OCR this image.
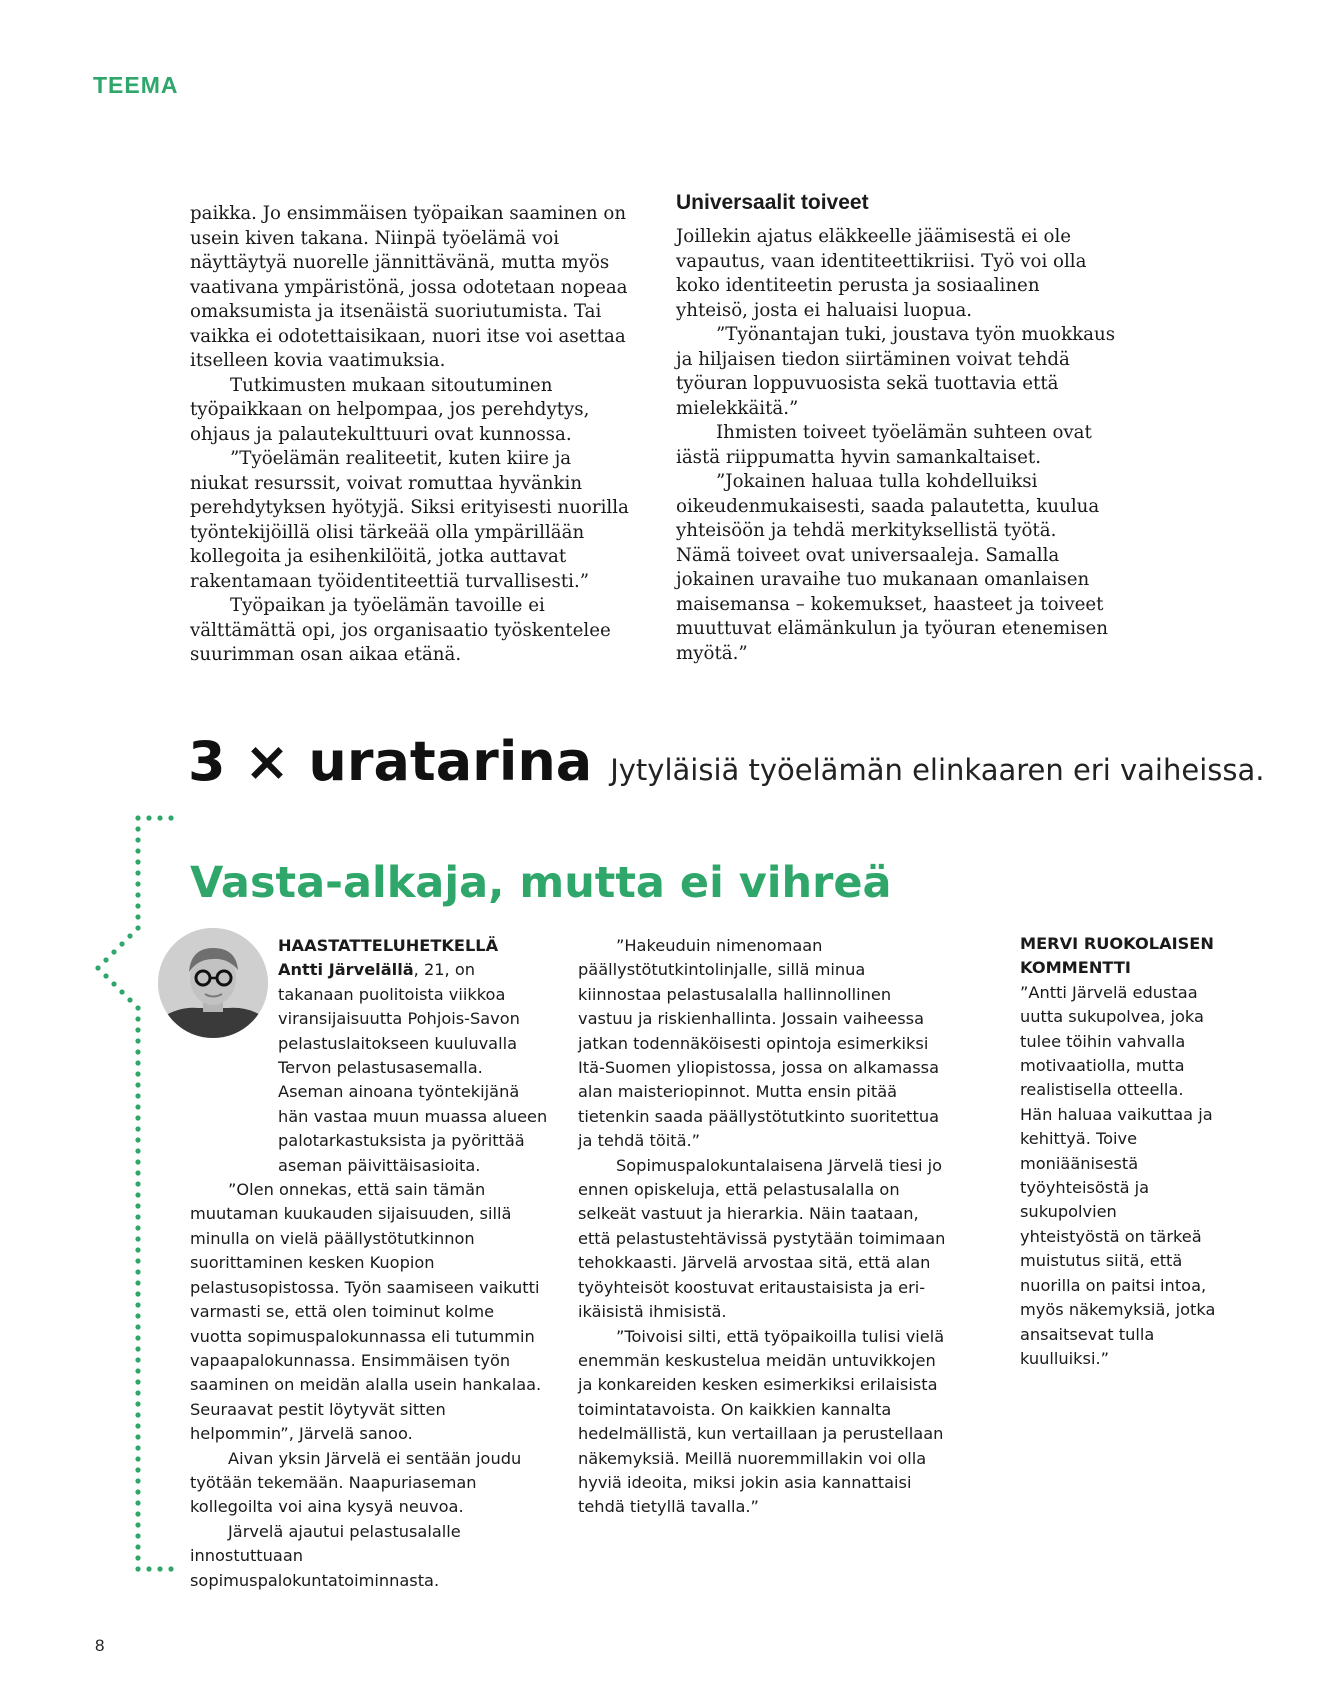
TEEMA

paikka. Jo ensimmäisen työpaikan saaminen on usein kiven takana. Niinpä työelämä voi näyttäytyä nuorelle jännittävänä, mutta myös vaativana ympäristönä, jossa odotetaan nopeaa omaksumista ja itsenäistä suoriutumista. Tai vaikka ei odotettaisikaan, nuori itse voi asettaa itselleen kovia vaatimuksia.

Tutkimusten mukaan sitoutuminen työpaikkaan on helpompaa, jos perehdytys, ohjaus ja palautekulttuuri ovat kunnossa.

”Työelämän realiteetit, kuten kiire ja niukat resurssit, voivat romuttaa hyvänkin perehdytyksen hyötyjä. Siksi erityisesti nuorilla työntekijöillä olisi tärkeää olla ympärillään kollegoita ja esihenkilöitä, jotka auttavat rakentamaan työidentiteettiä turvallisesti.”

Työpaikan ja työelämän tavoille ei välttämättä opi, jos organisaatio työskentelee suurimman osan aikaa etänä.

Universaalit toiveet

Joillekin ajatus eläkkeelle jäämisestä ei ole vapautus, vaan identiteettikriisi. Työ voi olla koko identiteetin perusta ja sosiaalinen yhteisö, josta ei haluaisi luopua.

”Työnantajan tuki, joustava työn muokkaus ja hiljaisen tiedon siirtäminen voivat tehdä työuran loppuvuosista sekä tuottavia että mielekkäitä.”

Ihmisten toiveet työelämän suhteen ovat iästä riippumatta hyvin samankaltaiset.

”Jokainen haluaa tulla kohdelluiksi oikeudenmukaisesti, saada palautetta, kuulua yhteisöön ja tehdä merkityksellistä työtä. Nämä toiveet ovat universaaleja. Samalla jokainen uravaihe tuo mukanaan omanlaisen maisemansa – kokemukset, haasteet ja toiveet muuttuvat elämänkulun ja työuran etenemisen myötä.”

3 × uratarina Jytyläisiä työelämän elinkaaren eri vaiheissa.
Vasta-alkaja, mutta ei vihreä

HAASTATTELUHETKELLÄ

Antti Järvelällä, 21, on takanaan puolitoista viikkoa viransijaisuutta Pohjois-Savon pelastuslaitokseen kuuluvalla Tervon pelastusasemalla. Aseman ainoana työntekijänä hän vastaa muun muassa alueen palotarkastuksista ja pyörittää aseman päivittäisasioita.

”Olen onnekas, että sain tämän muutaman kuukauden sijaisuuden, sillä minulla on vielä päällystötutkinnon suorittaminen kesken Kuopion pelastusopistossa. Työn saamiseen vaikutti varmasti se, että olen toiminut kolme vuotta sopimuspalokunnassa eli tutummin vapaapalokunnassa. Ensimmäisen työn saaminen on meidän alalla usein hankalaa. Seuraavat pestit löytyvät sitten helpommin”, Järvelä sanoo.

Aivan yksin Järvelä ei sentään joudu työtään tekemään. Naapuriaseman kollegoilta voi aina kysyä neuvoa.

Järvelä ajautui pelastusalalle innostuttuaan sopimuspalokuntatoiminnasta.

”Hakeuduin nimenomaan päällystötutkintolinjalle, sillä minua kiinnostaa pelastusalalla hallinnollinen vastuu ja riskienhallinta. Jossain vaiheessa jatkan todennäköisesti opintoja esimerkiksi Itä-Suomen yliopistossa, jossa on alkamassa alan maisteriopinnot. Mutta ensin pitää tietenkin saada päällystötutkinto suoritettua ja tehdä töitä.”

Sopimuspalokuntalaisena Järvelä tiesi jo ennen opiskeluja, että pelastusalalla on selkeät vastuut ja hierarkia. Näin taataan, että pelastustehtävissä pystytään toimimaan tehokkaasti. Järvelä arvostaa sitä, että alan työyhteisöt koostuvat eritaustaisista ja eri-ikäisistä ihmisistä.

”Toivoisi silti, että työpaikoilla tulisi vielä enemmän keskustelua meidän untuvikkojen ja konkareiden kesken esimerkiksi erilaisista toimintatavoista. On kaikkien kannalta hedelmällistä, kun vertaillaan ja perustellaan näkemyksiä. Meillä nuoremmillakin voi olla hyviä ideoita, miksi jokin asia kannattaisi tehdä tietyllä tavalla.”

MERVI RUOKOLAISEN KOMMENTTI

”Antti Järvelä edustaa uutta sukupolvea, joka tulee töihin vahvalla motivaatiolla, mutta realistisella otteella. Hän haluaa vaikuttaa ja kehittyä. Toive moniäänisestä työyhteisöstä ja sukupolvien yhteistyöstä on tärkeä muistutus siitä, että nuorilla on paitsi intoa, myös näkemyksiä, jotka ansaitsevat tulla kuulluiksi.”

8
